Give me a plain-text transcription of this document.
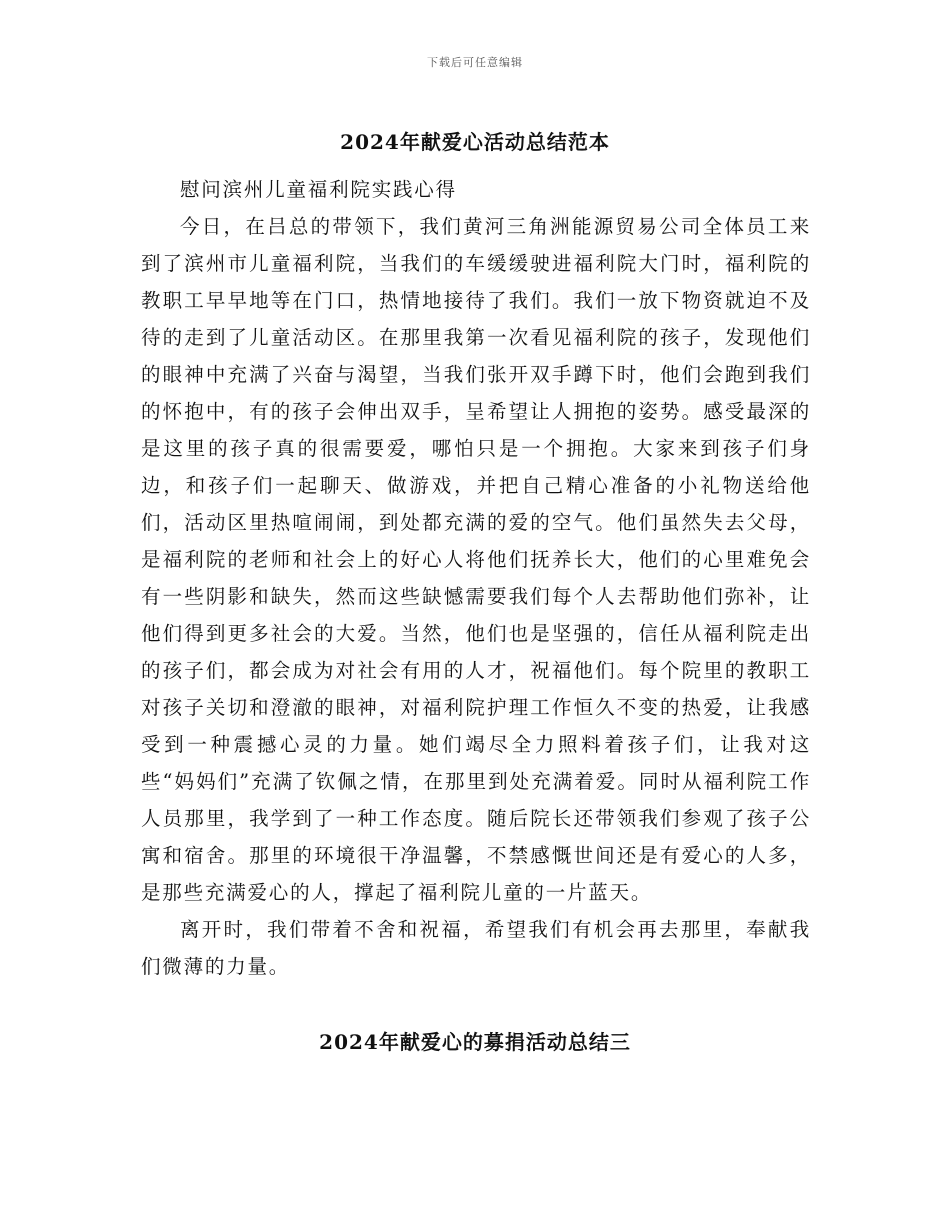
下载后可任意编辑
2024年献爱心活动总结范本

慰问滨州儿童福利院实践心得

今日，在吕总的带领下，我们黄河三角洲能源贸易公司全体员工来到了滨州市儿童福利院，当我们的车缓缓驶进福利院大门时，福利院的教职工早早地等在门口，热情地接待了我们。我们一放下物资就迫不及待的走到了儿童活动区。在那里我第一次看见福利院的孩子，发现他们的眼神中充满了兴奋与渴望，当我们张开双手蹲下时，他们会跑到我们的怀抱中，有的孩子会伸出双手，呈希望让人拥抱的姿势。感受最深的是这里的孩子真的很需要爱，哪怕只是一个拥抱。大家来到孩子们身边，和孩子们一起聊天、做游戏，并把自己精心准备的小礼物送给他们，活动区里热喧闹闹，到处都充满的爱的空气。他们虽然失去父母，是福利院的老师和社会上的好心人将他们抚养长大，他们的心里难免会有一些阴影和缺失，然而这些缺憾需要我们每个人去帮助他们弥补，让他们得到更多社会的大爱。当然，他们也是坚强的，信任从福利院走出的孩子们，都会成为对社会有用的人才，祝福他们。每个院里的教职工对孩子关切和澄澈的眼神，对福利院护理工作恒久不变的热爱，让我感受到一种震撼心灵的力量。她们竭尽全力照料着孩子们，让我对这些“妈妈们”充满了钦佩之情，在那里到处充满着爱。同时从福利院工作人员那里，我学到了一种工作态度。随后院长还带领我们参观了孩子公寓和宿舍。那里的环境很干净温馨，不禁感慨世间还是有爱心的人多，是那些充满爱心的人，撑起了福利院儿童的一片蓝天。

离开时，我们带着不舍和祝福，希望我们有机会再去那里，奉献我们微薄的力量。

2024年献爱心的募捐活动总结三
